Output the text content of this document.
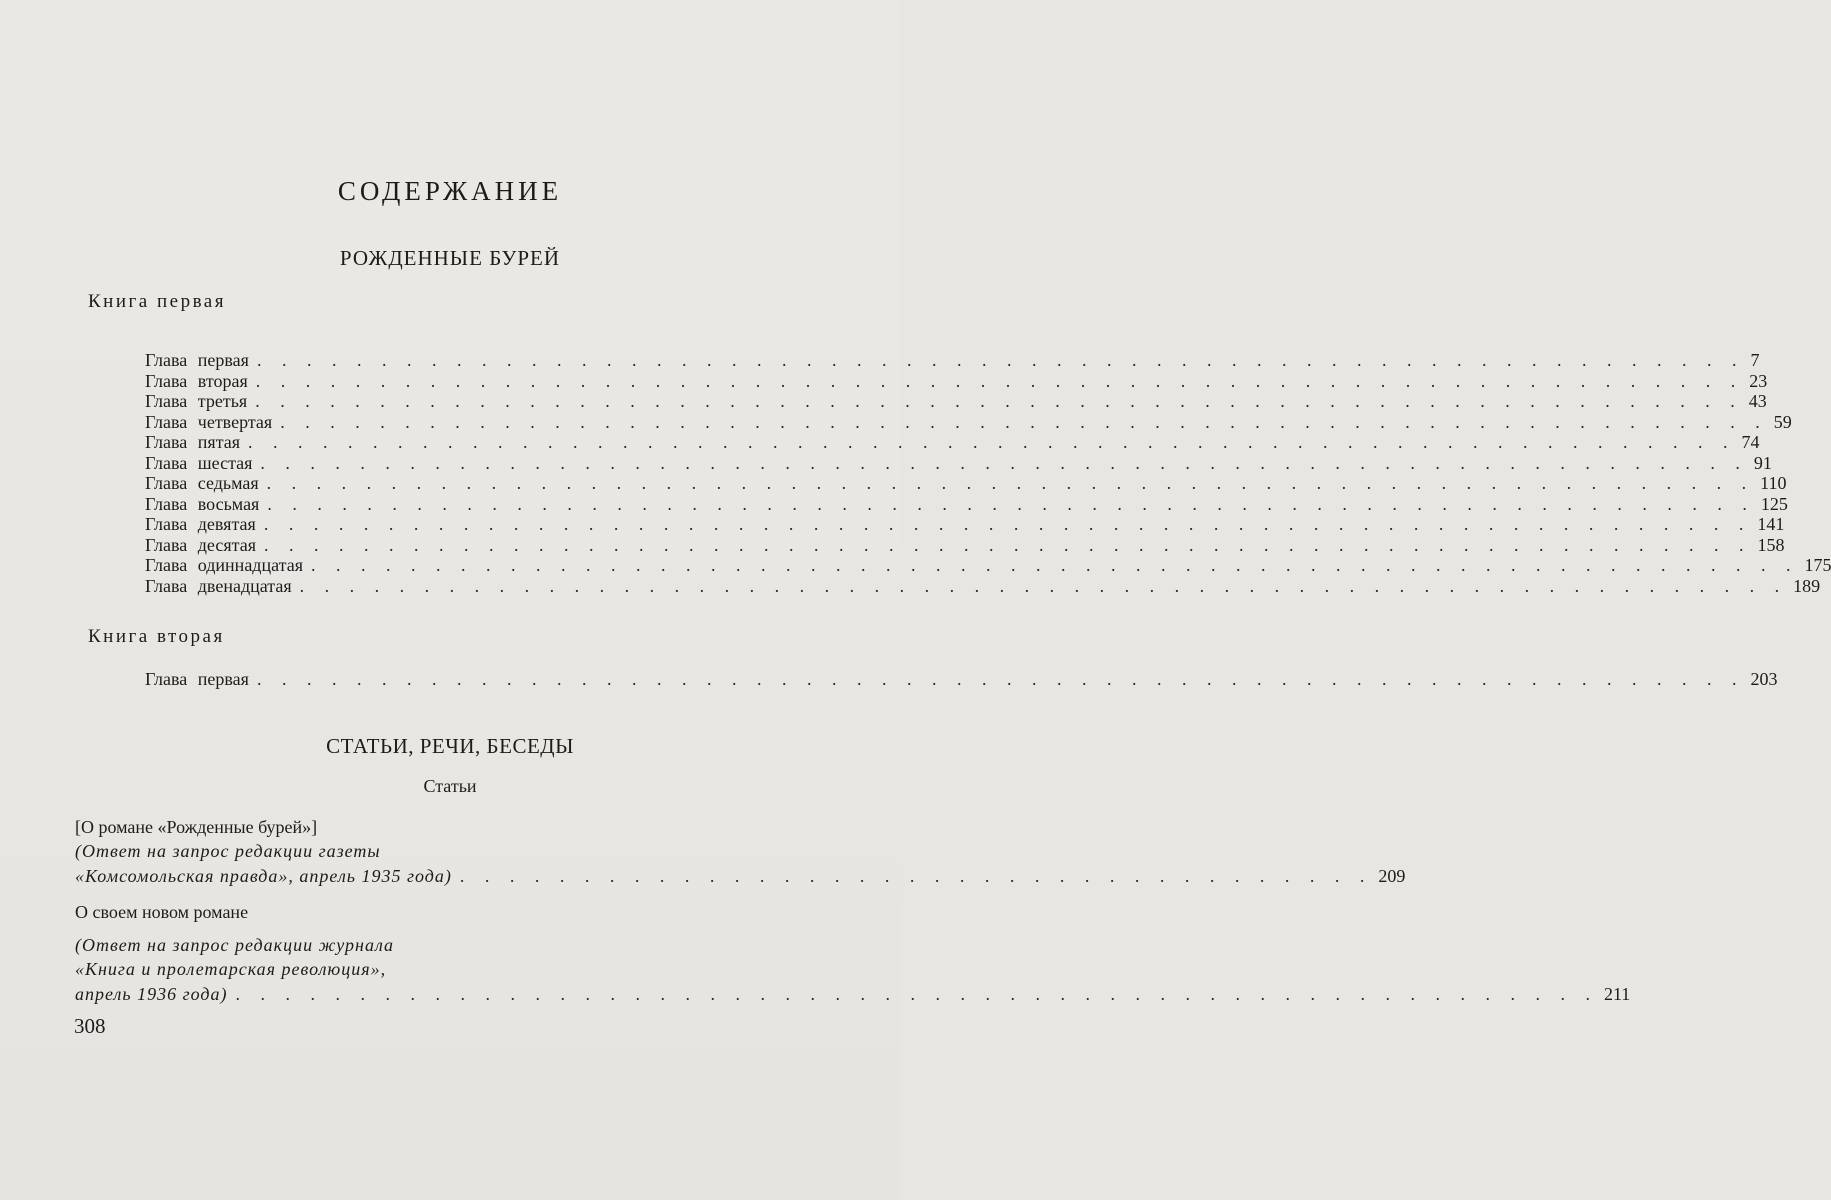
СОДЕРЖАНИЕ
РОЖДЕННЫЕ БУРЕЙ
Книга первая
Глава первая . . . . . . . . . . . . . . . . . . . . . . . . . . . . . . . . . . . . . . . . . . . . . . . . . . . . . . . . . . . . 7
Глава вторая . . . . . . . . . . . . . . . . . . . . . . . . . . . . . . . . . . . . . . . . . . . . . . . . . . . . . . . . . . . . 23
Глава третья . . . . . . . . . . . . . . . . . . . . . . . . . . . . . . . . . . . . . . . . . . . . . . . . . . . . . . . . . . . . 43
Глава четвертая . . . . . . . . . . . . . . . . . . . . . . . . . . . . . . . . . . . . . . . . . . . . . . . . . . . . . . . . . . . . 59
Глава пятая . . . . . . . . . . . . . . . . . . . . . . . . . . . . . . . . . . . . . . . . . . . . . . . . . . . . . . . . . . . . 74
Глава шестая . . . . . . . . . . . . . . . . . . . . . . . . . . . . . . . . . . . . . . . . . . . . . . . . . . . . . . . . . . . . 91
Глава седьмая . . . . . . . . . . . . . . . . . . . . . . . . . . . . . . . . . . . . . . . . . . . . . . . . . . . . . . . . . . . . 110
Глава восьмая . . . . . . . . . . . . . . . . . . . . . . . . . . . . . . . . . . . . . . . . . . . . . . . . . . . . . . . . . . . . 125
Глава девятая . . . . . . . . . . . . . . . . . . . . . . . . . . . . . . . . . . . . . . . . . . . . . . . . . . . . . . . . . . . . 141
Глава десятая . . . . . . . . . . . . . . . . . . . . . . . . . . . . . . . . . . . . . . . . . . . . . . . . . . . . . . . . . . . . 158
Глава одиннадцатая . . . . . . . . . . . . . . . . . . . . . . . . . . . . . . . . . . . . . . . . . . . . . . . . . . . . . . . . . . . . 175
Глава двенадцатая . . . . . . . . . . . . . . . . . . . . . . . . . . . . . . . . . . . . . . . . . . . . . . . . . . . . . . . . . . . . 189
Книга вторая
Глава первая . . . . . . . . . . . . . . . . . . . . . . . . . . . . . . . . . . . . . . . . . . . . . . . . . . . . . . . . . . . . 203
СТАТЬИ, РЕЧИ, БЕСЕДЫ
Статьи
[О романе «Рожденные бурей»]
(Ответ на запрос редакции газеты
«Комсомольская правда», апрель 1935 года) . . . . . . . . . . . . . . . . . . . . . . . . . . . . . . . . . . . . . 209
О своем новом романе
(Ответ на запрос редакции журнала
«Книга и пролетарская революция»,
апрель 1936 года) . . . . . . . . . . . . . . . . . . . . . . . . . . . . . . . . . . . . . . . . . . . . . . . . . . . . . . . 211
308
